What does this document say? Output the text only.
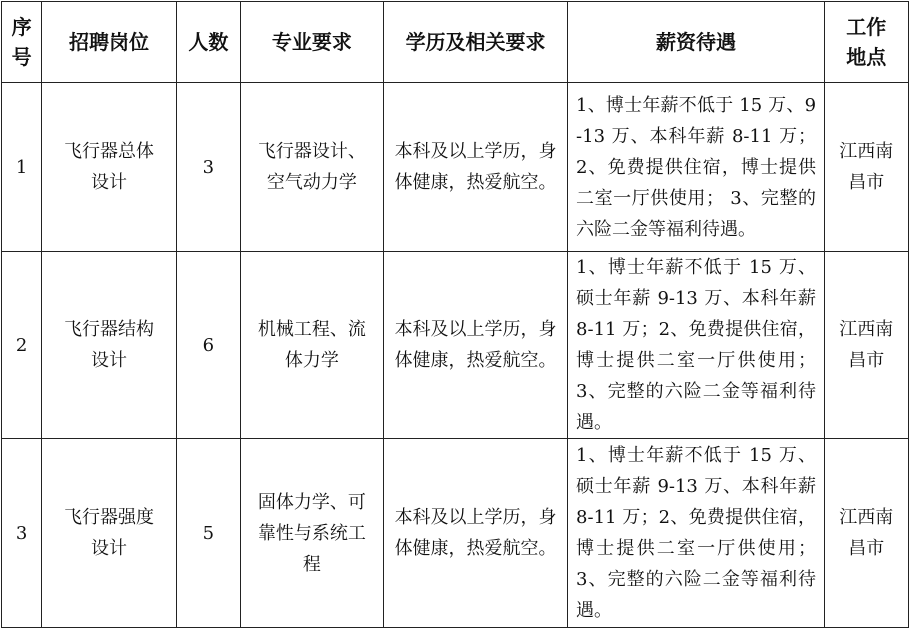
序号	招聘岗位	人数	专业要求	学历及相关要求	薪资待遇	工作地点

1	飞行器总体设计	3	飞行器设计、空气动力学	本科及以上学历，身体健康，热爱航空。	1、博士年薪不低于 15 万、9-13 万、本科年薪 8-11 万；2、免费提供住宿，博士提供二室一厅供使用； 3、完整的六险二金等福利待遇。	江西南昌市

2	飞行器结构设计	6	机械工程、流体力学	本科及以上学历，身体健康，热爱航空。	1、博士年薪不低于 15 万、硕士年薪 9-13 万、本科年薪 8-11 万；2、免费提供住宿，博士提供二室一厅供使用； 3、完整的六险二金等福利待遇。	江西南昌市

3	飞行器强度设计	5	固体力学、可靠性与系统工程	本科及以上学历，身体健康，热爱航空。	1、博士年薪不低于 15 万、硕士年薪 9-13 万、本科年薪 8-11 万；2、免费提供住宿，博士提供二室一厅供使用； 3、完整的六险二金等福利待遇。	江西南昌市
